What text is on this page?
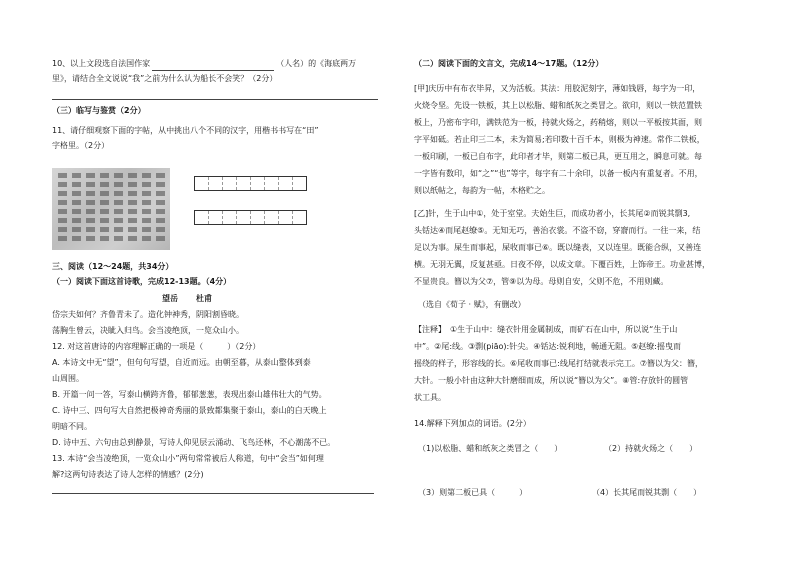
10、以上文段选自法国作家	（人名）的《海底两万

里》，请结合全文说说“我”之前为什么认为船长不会笑？（2分）

（三）临写与鉴赏（2分）

11、请仔细观察下面的字帖，从中挑出八个不同的汉字，用楷书书写在“田”

字格里。（2分）

三、阅读（12～24题，共34分）

（一）阅读下面这首诗歌，完成12-13题。（4分）

望岳 杜甫

岱宗夫如何？齐鲁青未了。造化钟神秀，阴阳割昏晓。

荡胸生曾云，决眦入归鸟。会当凌绝顶，一览众山小。

12. 对这首唐诗的内容理解正确的一项是（　　　）（2分）

A. 本诗文中无“望”，但句句写望，自近而远。由朝至暮，从泰山整体到泰

山周围。

B. 开篇一问一答，写泰山横跨齐鲁，郁郁葱葱，表现出泰山雄伟壮大的气势。

C. 诗中三、四句写大自然把极神奇秀丽的景致都集聚于泰山，泰山的白天晚上

明暗不同。

D. 诗中五、六句由总到静景，写诗人仰见层云涌动、飞鸟还林，不心潮荡不已。

13. 本诗“会当凌绝顶，一览众山小”两句常常被后人称道，句中“会当”如何理

解?这两句诗表达了诗人怎样的情感？(2分)

（二）阅读下面的文言文，完成14～17题。（12分）

[甲]庆历中有布衣毕昇，又为活板。其法：用胶泥刻字，薄如钱唇，每字为一印，

火烧令坚。先设一铁板，其上以松脂、蜡和纸灰之类冒之。欲印，则以一铁范置铁

板上，乃密布字印，满铁范为一板，持就火炀之，药稍熔，则以一平板按其面，则

字平如砥。若止印三二本，未为简易;若印数十百千本，则极为神速。常作二铁板，

一板印刷，一板已自布字，此印者才毕，则第二板已具，更互用之，瞬息可就。每

一字皆有数印，如“之”“也”等字，每字有二十余印，以备一板内有重复者。不用，

则以纸帖之，每韵为一帖，木格贮之。

[乙]针，生于山中①，处于室堂。夫始生巨，而成功者小，长其尾②而锐其剽3,

头铦达④而尾赵缭⑤。无知无巧，善治衣裳。不盗不窃，穿窬而行。一往一来，结

足以为事。屎生而事起，屎收而事已⑥。既以缝表，又以连里。既能合纵，又善连

横。无羽无翼，反复甚亟。日夜不停，以成文章。下覆百姓，上饰帝王。功业甚博，

不显贵良。簪以为父⑦，管⑨以为母。母则自安，父则不危，不用则藏。

（选自《荀子 · 赋》，有删改）

【注释】　①生于山中：缝衣针用金属制成，而矿石在山中，所以说“生于山

中”。②尾:线。③剽(piāo):针尖。④铦达:锐利地，畅通无阻。⑤赵缭:摇曳而

摇绕的样子，形容线的长。⑥尾收而事已:线尾打结就表示完工。⑦簪以为父：簪，

大针。一般小针由这种大针磨细而成，所以说“簪以为父”。⑧管:存放针的圆管

状工具。

14.解释下列加点的词语。(2分）

（1)以松脂、蜡和纸灰之类冒之（　　）	（2）持就火炀之（　　）

（3）则第二板已具（　　　）	（4）长其尾而锐其剽（　　）
